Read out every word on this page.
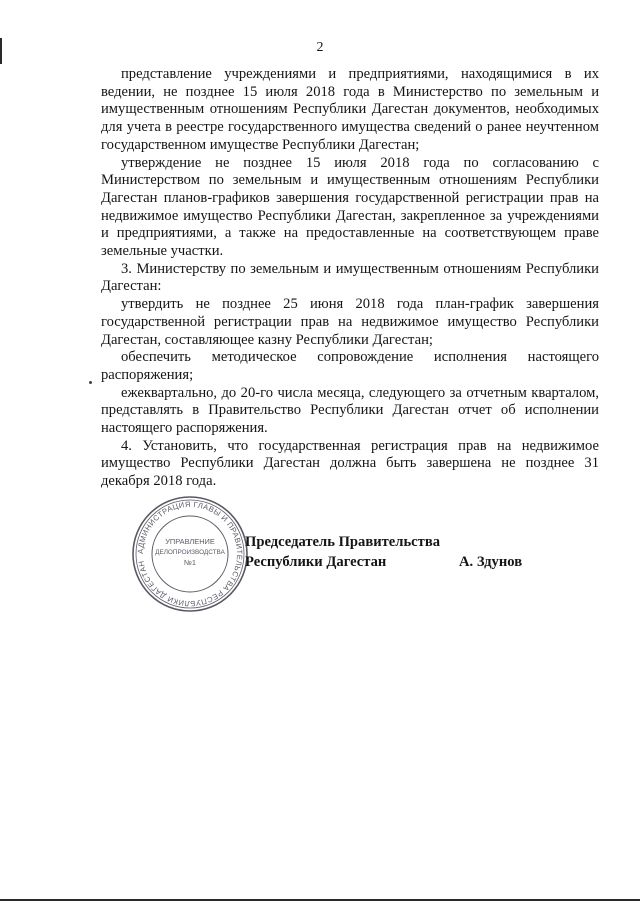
2

представление учреждениями и предприятиями, находящимися в их ведении, не позднее 15 июля 2018 года в Министерство по земельным и имущественным отношениям Республики Дагестан документов, необходимых для учета в реестре государственного имущества сведений о ранее неучтенном государственном имуществе Республики Дагестан;

утверждение не позднее 15 июля 2018 года по согласованию с Министерством по земельным и имущественным отношениям Республики Дагестан планов-графиков завершения государственной регистрации прав на недвижимое имущество Республики Дагестан, закрепленное за учреждениями и предприятиями, а также на предоставленные на соответствующем праве земельные участки.

3. Министерству по земельным и имущественным отношениям Республики Дагестан:

утвердить не позднее 25 июня 2018 года план-график завершения государственной регистрации прав на недвижимое имущество Республики Дагестан, составляющее казну Республики Дагестан;

обеспечить методическое сопровождение исполнения настоящего распоряжения;

ежеквартально, до 20-го числа месяца, следующего за отчетным кварталом, представлять в Правительство Республики Дагестан отчет об исполнении настоящего распоряжения.

4. Установить, что государственная регистрация прав на недвижимое имущество Республики Дагестан должна быть завершена не позднее 31 декабря 2018 года.

АДМИНИСТРАЦИЯ ГЛАВЫ И ПРАВИТЕЛЬСТВА РЕСПУБЛИКИ ДАГЕСТАН
УПРАВЛЕНИЕ
ДЕЛОПРОИЗВОДСТВА
№1
Председатель Правительства
Республики Дагестан	А. Здунов
